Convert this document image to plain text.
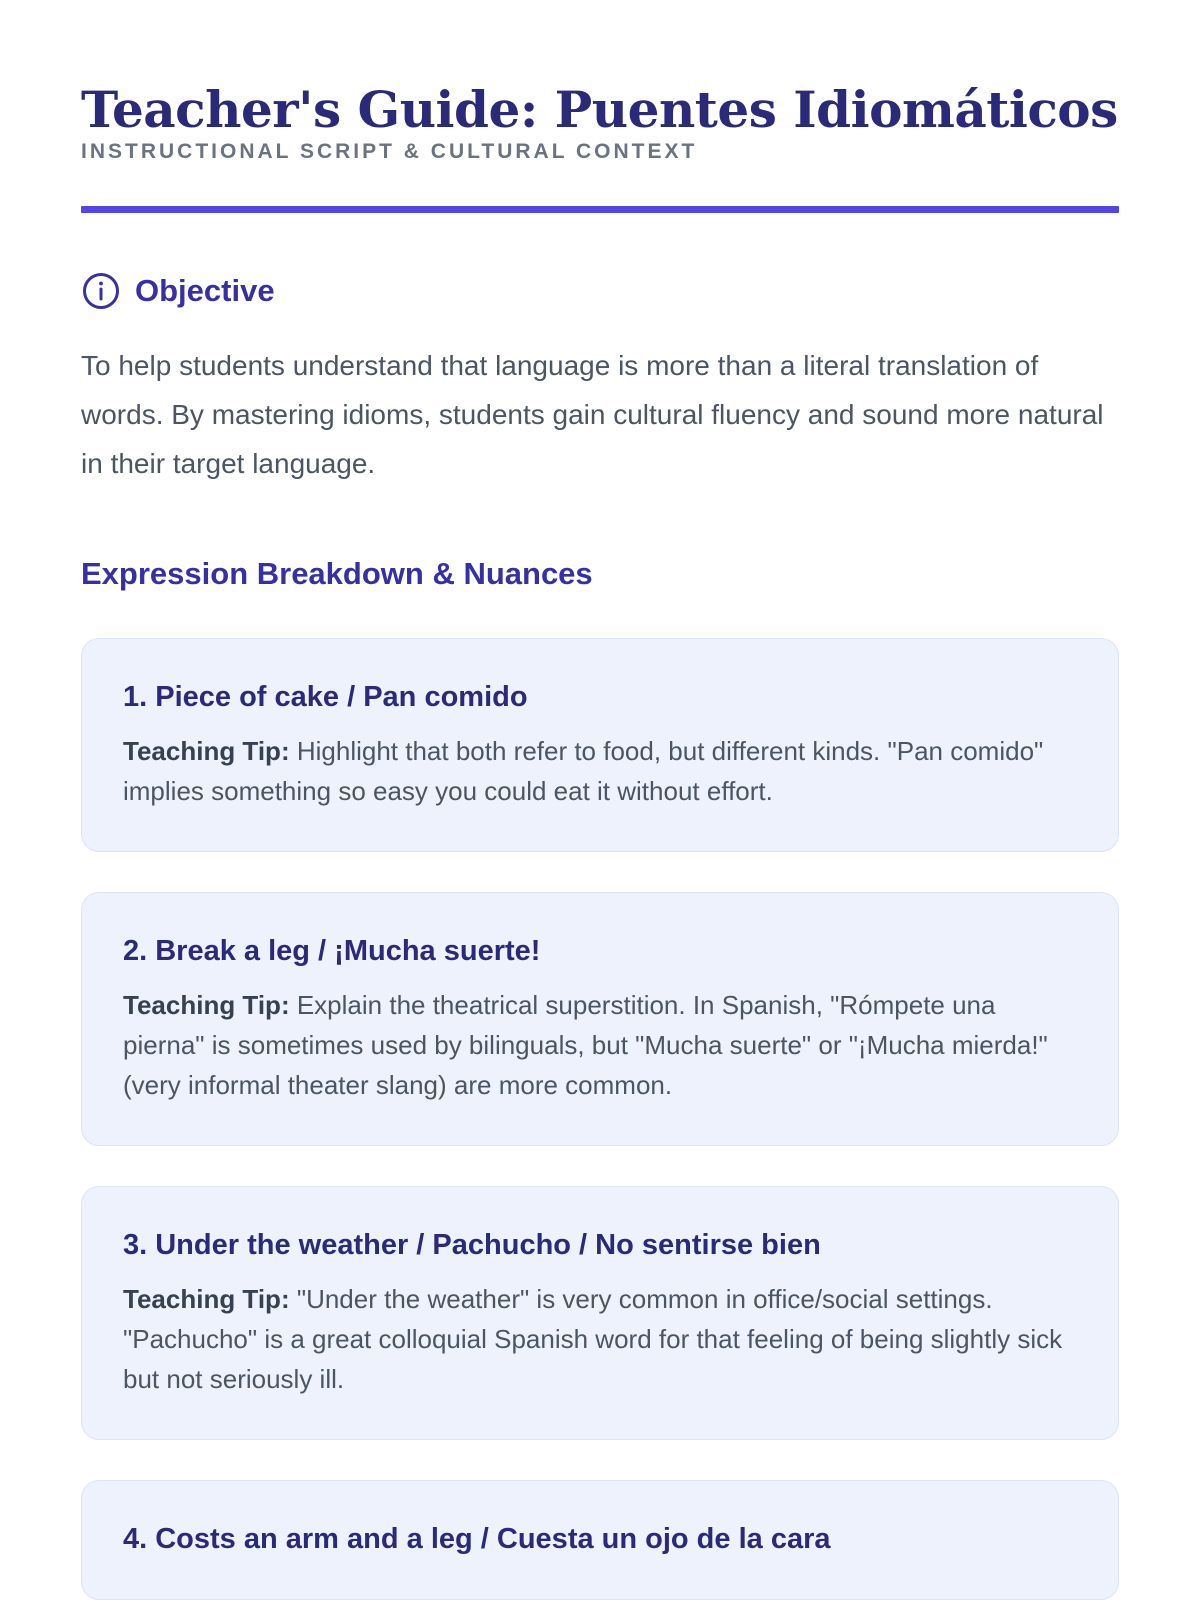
Teacher's Guide: Puentes Idiomáticos
INSTRUCTIONAL SCRIPT & CULTURAL CONTEXT
Objective
To help students understand that language is more than a literal translation of words. By mastering idioms, students gain cultural fluency and sound more natural in their target language.
Expression Breakdown & Nuances
1. Piece of cake / Pan comido
Teaching Tip: Highlight that both refer to food, but different kinds. "Pan comido" implies something so easy you could eat it without effort.
2. Break a leg / ¡Mucha suerte!
Teaching Tip: Explain the theatrical superstition. In Spanish, "Rómpete una pierna" is sometimes used by bilinguals, but "Mucha suerte" or "¡Mucha mierda!" (very informal theater slang) are more common.
3. Under the weather / Pachucho / No sentirse bien
Teaching Tip: "Under the weather" is very common in office/social settings. "Pachucho" is a great colloquial Spanish word for that feeling of being slightly sick but not seriously ill.
4. Costs an arm and a leg / Cuesta un ojo de la cara
